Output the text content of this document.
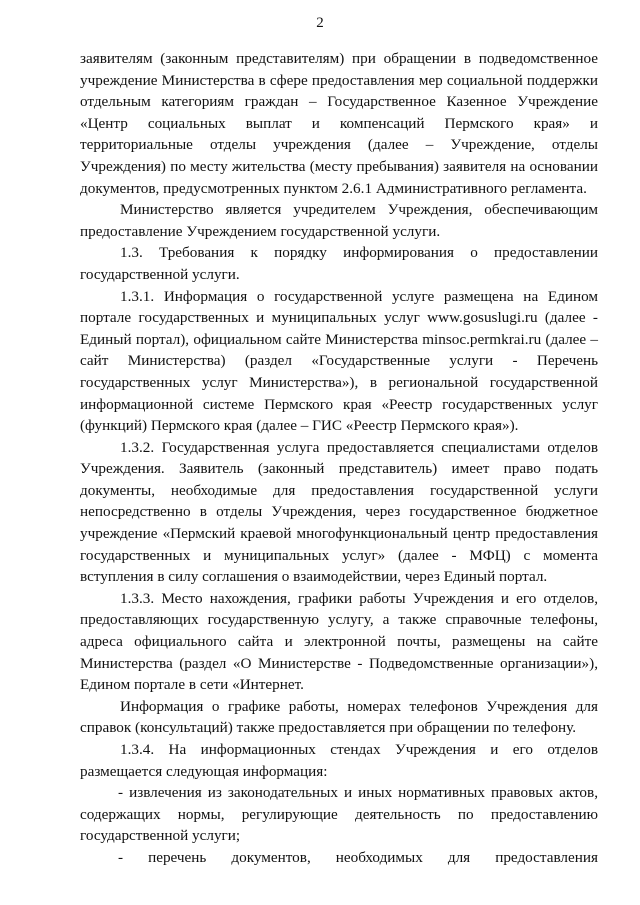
2

заявителям (законным представителям) при обращении в подведомственное учреждение Министерства в сфере предоставления мер социальной поддержки отдельным категориям граждан – Государственное Казенное Учреждение «Центр социальных выплат и компенсаций Пермского края» и территориальные отделы учреждения (далее – Учреждение, отделы Учреждения) по месту жительства (месту пребывания) заявителя на основании документов, предусмотренных пунктом 2.6.1 Административного регламента.

Министерство является учредителем Учреждения, обеспечивающим предоставление Учреждением государственной услуги.

1.3. Требования к порядку информирования о предоставлении государственной услуги.

1.3.1. Информация о государственной услуге размещена на Едином портале государственных и муниципальных услуг www.gosuslugi.ru (далее - Единый портал), официальном сайте Министерства minsoc.permkrai.ru (далее – сайт Министерства) (раздел «Государственные услуги - Перечень государственных услуг Министерства»), в региональной государственной информационной системе Пермского края «Реестр государственных услуг (функций) Пермского края (далее – ГИС «Реестр Пермского края»).

1.3.2. Государственная услуга предоставляется специалистами отделов Учреждения. Заявитель (законный представитель) имеет право подать документы, необходимые для предоставления государственной услуги непосредственно в отделы Учреждения, через государственное бюджетное учреждение «Пермский краевой многофункциональный центр предоставления государственных и муниципальных услуг» (далее - МФЦ) с момента вступления в силу соглашения о взаимодействии, через Единый портал.

1.3.3. Место нахождения, графики работы Учреждения и его отделов, предоставляющих государственную услугу, а также справочные телефоны, адреса официального сайта и электронной почты, размещены на сайте Министерства (раздел «О Министерстве - Подведомственные организации»), Едином портале в сети «Интернет.

Информация о графике работы, номерах телефонов Учреждения для справок (консультаций) также предоставляется при обращении по телефону.

1.3.4. На информационных стендах Учреждения и его отделов размещается следующая информация:

- извлечения из законодательных и иных нормативных правовых актов, содержащих нормы, регулирующие деятельность по предоставлению государственной услуги;

- перечень документов, необходимых для предоставления
